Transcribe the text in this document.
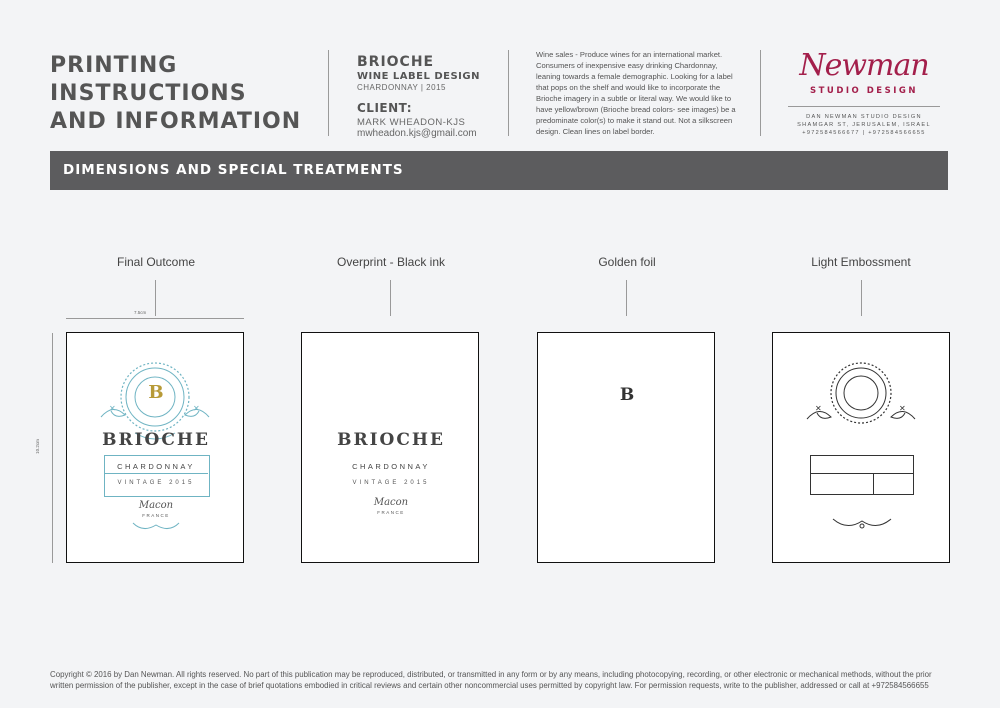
PRINTING
INSTRUCTIONS
AND INFORMATION
BRIOCHE
WINE LABEL DESIGN
CHARDONNAY | 2015
CLIENT:
MARK WHEADON-KJS
mwheadon.kjs@gmail.com
Wine sales - Produce wines for an international market. Consumers of inexpensive easy drinking Chardonnay, leaning towards a female demographic. Looking for a label that pops on the shelf and would like to incorporate the Brioche imagery in a subtle or literal way. We would like to have yellow/brown (Brioche bread colors- see images) be a predominate color(s) to make it stand out. Not a silkscreen design. Clean lines on label border.
Newman
STUDIO DESIGN
DAN NEWMAN STUDIO DESIGN
SHAMGAR ST, JERUSALEM, ISRAEL
+972584566677 | +972584566655
DIMENSIONS AND SPECIAL TREATMENTS
Final Outcome	Overprint - Black ink	Golden foil	Light Embossment
7.5cm
10.2cm
✕	✕
B
BRIOCHE
CHARDONNAY
VINTAGE 2015
Macon
FRANCE
BRIOCHE
CHARDONNAY
VINTAGE 2015
Macon
FRANCE
B
✕	✕
Copyright © 2016 by Dan Newman. All rights reserved. No part of this publication may be reproduced, distributed, or transmitted in any form or by any means, including photocopying, recording, or other electronic or mechanical methods, without the prior written permission of the publisher, except in the case of brief quotations embodied in critical reviews and certain other noncommercial uses permitted by copyright law. For permission requests, write to the publisher, addressed or call at +972584566655
